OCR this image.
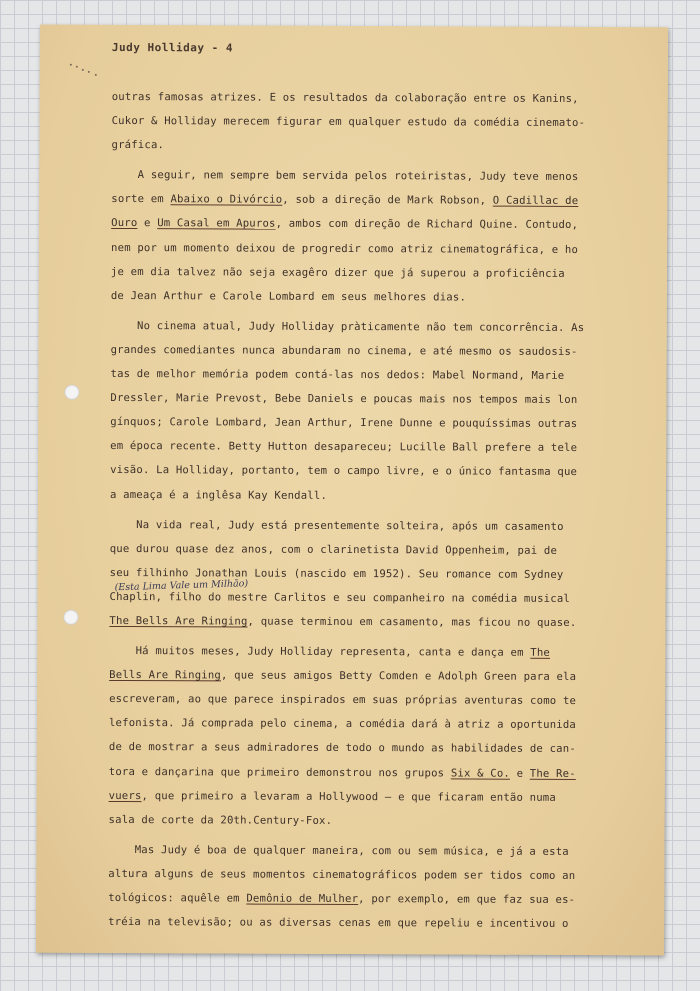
Judy Holliday - 4
outras famosas atrizes. E os resultados da colaboração entre os Kanins,
Cukor & Holliday merecem figurar em qualquer estudo da comédia cinemato-
gráfica.
A seguir, nem sempre bem servida pelos roteiristas, Judy teve menos
sorte em Abaixo o Divórcio, sob a direção de Mark Robson, O Cadillac de
Ouro e Um Casal em Apuros, ambos com direção de Richard Quine. Contudo,
nem por um momento deixou de progredir como atriz cinematográfica, e ho
je em dia talvez não seja exagêro dizer que já superou a proficiência
de Jean Arthur e Carole Lombard em seus melhores dias.
No cinema atual, Judy Holliday pràticamente não tem concorrência. As
grandes comediantes nunca abundaram no cinema, e até mesmo os saudosis-
tas de melhor memória podem contá-las nos dedos: Mabel Normand, Marie
Dressler, Marie Prevost, Bebe Daniels e poucas mais nos tempos mais lon
gínquos; Carole Lombard, Jean Arthur, Irene Dunne e pouquíssimas outras
em época recente. Betty Hutton desapareceu; Lucille Ball prefere a tele
visão. La Holliday, portanto, tem o campo livre, e o único fantasma que
a ameaça é a inglêsa Kay Kendall.
Na vida real, Judy está presentemente solteira, após um casamento
que durou quase dez anos, com o clarinetista David Oppenheim, pai de
seu filhinho Jonathan Louis (nascido em 1952). Seu romance com Sydney
Chaplin, filho do mestre Carlitos e seu companheiro na comédia musical
The Bells Are Ringing, quase terminou em casamento, mas ficou no quase.
Há muitos meses, Judy Holliday representa, canta e dança em The
Bells Are Ringing, que seus amigos Betty Comden e Adolph Green para ela
escreveram, ao que parece inspirados em suas próprias aventuras como te
lefonista. Já comprada pelo cinema, a comédia dará à atriz a oportunida
de de mostrar a seus admiradores de todo o mundo as habilidades de can-
tora e dançarina que primeiro demonstrou nos grupos Six & Co. e The Re-
vuers, que primeiro a levaram a Hollywood — e que ficaram então numa
sala de corte da 20th.Century-Fox.
Mas Judy é boa de qualquer maneira, com ou sem música, e já a esta
altura alguns de seus momentos cinematográficos podem ser tidos como an
tológicos: aquêle em Demônio de Mulher, por exemplo, em que faz sua es-
tréia na televisão; ou as diversas cenas em que repeliu e incentivou o
(Esta Lima Vale um Milhão)
